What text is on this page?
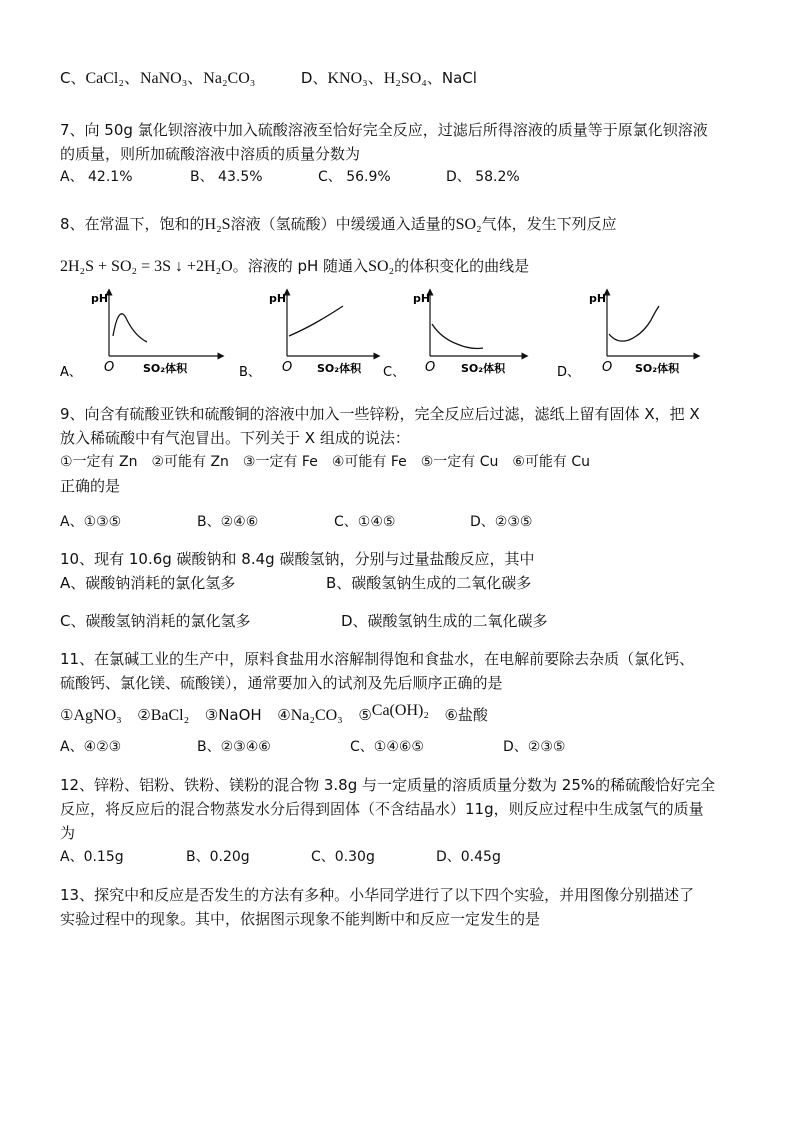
C、CaCl₂、NaNO₃、Na₂CO₃	D、KNO₃、H₂SO₄、NaCl
7、向 50g 氯化钡溶液中加入硫酸溶液至恰好完全反应，过滤后所得溶液的质量等于原氯化钡溶液
的质量，则所加硫酸溶液中溶质的质量分数为
A、 42.1%	B、 43.5%	C、 56.9%	D、 58.2%
8、在常温下，饱和的H₂S溶液（氢硫酸）中缓缓通入适量的SO₂气体，发生下列反应
2H₂S + SO₂ = 3S ↓ +2H₂O。溶液的 pH 随通入SO₂的体积变化的曲线是
A、
pH
O	SO₂体积	B、
pH
O SO₂体积 C、
pH
O SO₂体积	D、
pH
O SO₂体积
9、向含有硫酸亚铁和硫酸铜的溶液中加入一些锌粉，完全反应后过滤，滤纸上留有固体 X，把 X
放入稀硫酸中有气泡冒出。下列关于 X 组成的说法：
①一定有 Zn　②可能有 Zn　③一定有 Fe　④可能有 Fe　⑤一定有 Cu　⑥可能有 Cu
正确的是
A、①③⑤	B、②④⑥	C、①④⑤	D、②③⑤
10、现有 10.6g 碳酸钠和 8.4g 碳酸氢钠，分别与过量盐酸反应，其中
A、碳酸钠消耗的氯化氢多	B、碳酸氢钠生成的二氧化碳多
C、碳酸氢钠消耗的氯化氢多	D、碳酸氢钠生成的二氧化碳多
11、在氯碱工业的生产中，原料食盐用水溶解制得饱和食盐水，在电解前要除去杂质（氯化钙、
硫酸钙、氯化镁、硫酸镁），通常要加入的试剂及先后顺序正确的是
①AgNO₃ ②BaCl₂ ③NaOH ④Na₂CO₃ ⑤Ca(OH)₂ ⑥盐酸
A、④②③	B、②③④⑥	C、①④⑥⑤	D、②③⑤
12、锌粉、铝粉、铁粉、镁粉的混合物 3.8g 与一定质量的溶质质量分数为 25%的稀硫酸恰好完全
反应，将反应后的混合物蒸发水分后得到固体（不含结晶水）11g，则反应过程中生成氢气的质量
为
A、0.15g	B、0.20g	C、0.30g	D、0.45g
13、探究中和反应是否发生的方法有多种。小华同学进行了以下四个实验，并用图像分别描述了
实验过程中的现象。其中，依据图示现象不能判断中和反应一定发生的是
